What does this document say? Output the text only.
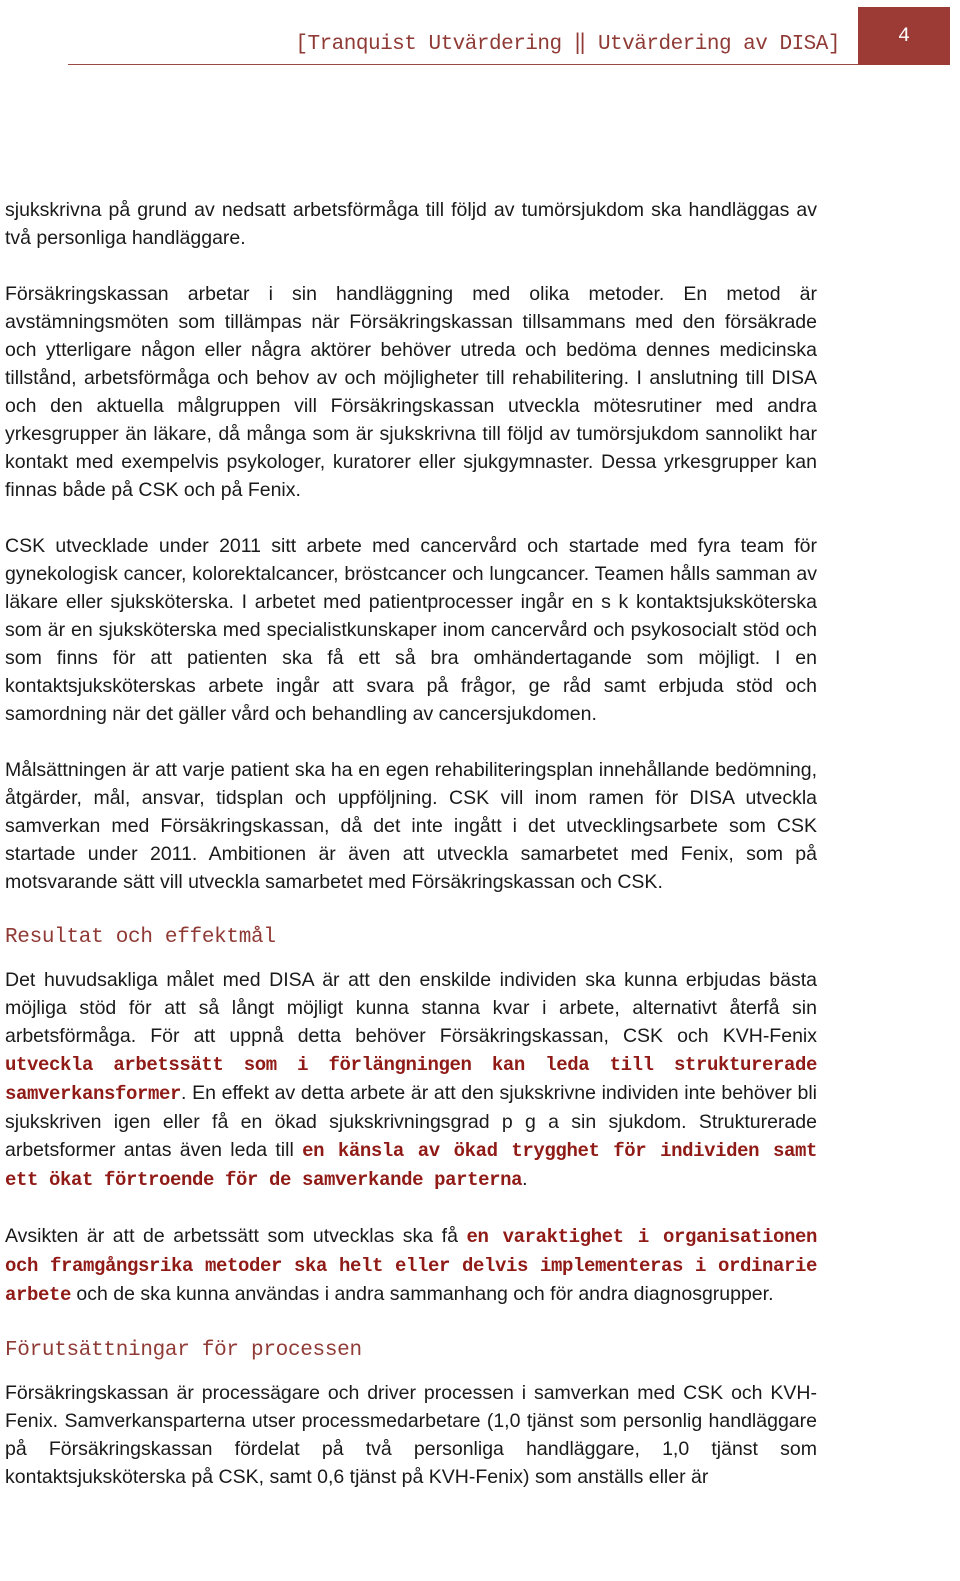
[Tranquist Utvärdering ‖ Utvärdering av DISA]	4

sjukskrivna på grund av nedsatt arbetsförmåga till följd av tumörsjukdom ska handläggas av två personliga handläggare.

Försäkringskassan arbetar i sin handläggning med olika metoder. En metod är avstämningsmöten som tillämpas när Försäkringskassan tillsammans med den försäkrade och ytterligare någon eller några aktörer behöver utreda och bedöma dennes medicinska tillstånd, arbetsförmåga och behov av och möjligheter till rehabilitering. I anslutning till DISA och den aktuella målgruppen vill Försäkringskassan utveckla mötesrutiner med andra yrkesgrupper än läkare, då många som är sjukskrivna till följd av tumörsjukdom sannolikt har kontakt med exempelvis psykologer, kuratorer eller sjukgymnaster. Dessa yrkesgrupper kan finnas både på CSK och på Fenix.

CSK utvecklade under 2011 sitt arbete med cancervård och startade med fyra team för gynekologisk cancer, kolorektalcancer, bröstcancer och lungcancer. Teamen hålls samman av läkare eller sjuksköterska. I arbetet med patientprocesser ingår en s k kontaktsjuksköterska som är en sjuksköterska med specialistkunskaper inom cancervård och psykosocialt stöd och som finns för att patienten ska få ett så bra omhändertagande som möjligt. I en kontaktsjuksköterskas arbete ingår att svara på frågor, ge råd samt erbjuda stöd och samordning när det gäller vård och behandling av cancersjukdomen.

Målsättningen är att varje patient ska ha en egen rehabiliteringsplan innehållande bedömning, åtgärder, mål, ansvar, tidsplan och uppföljning. CSK vill inom ramen för DISA utveckla samverkan med Försäkringskassan, då det inte ingått i det utvecklingsarbete som CSK startade under 2011. Ambitionen är även att utveckla samarbetet med Fenix, som på motsvarande sätt vill utveckla samarbetet med Försäkringskassan och CSK.

Resultat och effektmål

Det huvudsakliga målet med DISA är att den enskilde individen ska kunna erbjudas bästa möjliga stöd för att så långt möjligt kunna stanna kvar i arbete, alternativt återfå sin arbetsförmåga. För att uppnå detta behöver Försäkringskassan, CSK och KVH-Fenix utveckla arbetssätt som i förlängningen kan leda till strukturerade samverkansformer. En effekt av detta arbete är att den sjukskrivne individen inte behöver bli sjukskriven igen eller få en ökad sjukskrivningsgrad p g a sin sjukdom. Strukturerade arbetsformer antas även leda till en känsla av ökad trygghet för individen samt ett ökat förtroende för de samverkande parterna.

Avsikten är att de arbetssätt som utvecklas ska få en varaktighet i organisationen och framgångsrika metoder ska helt eller delvis implementeras i ordinarie arbete och de ska kunna användas i andra sammanhang och för andra diagnosgrupper.

Förutsättningar för processen

Försäkringskassan är processägare och driver processen i samverkan med CSK och KVH-Fenix. Samverkansparterna utser processmedarbetare (1,0 tjänst som personlig handläggare på Försäkringskassan fördelat på två personliga handläggare, 1,0 tjänst som kontaktsjuksköterska på CSK, samt 0,6 tjänst på KVH-Fenix) som anställs eller är
